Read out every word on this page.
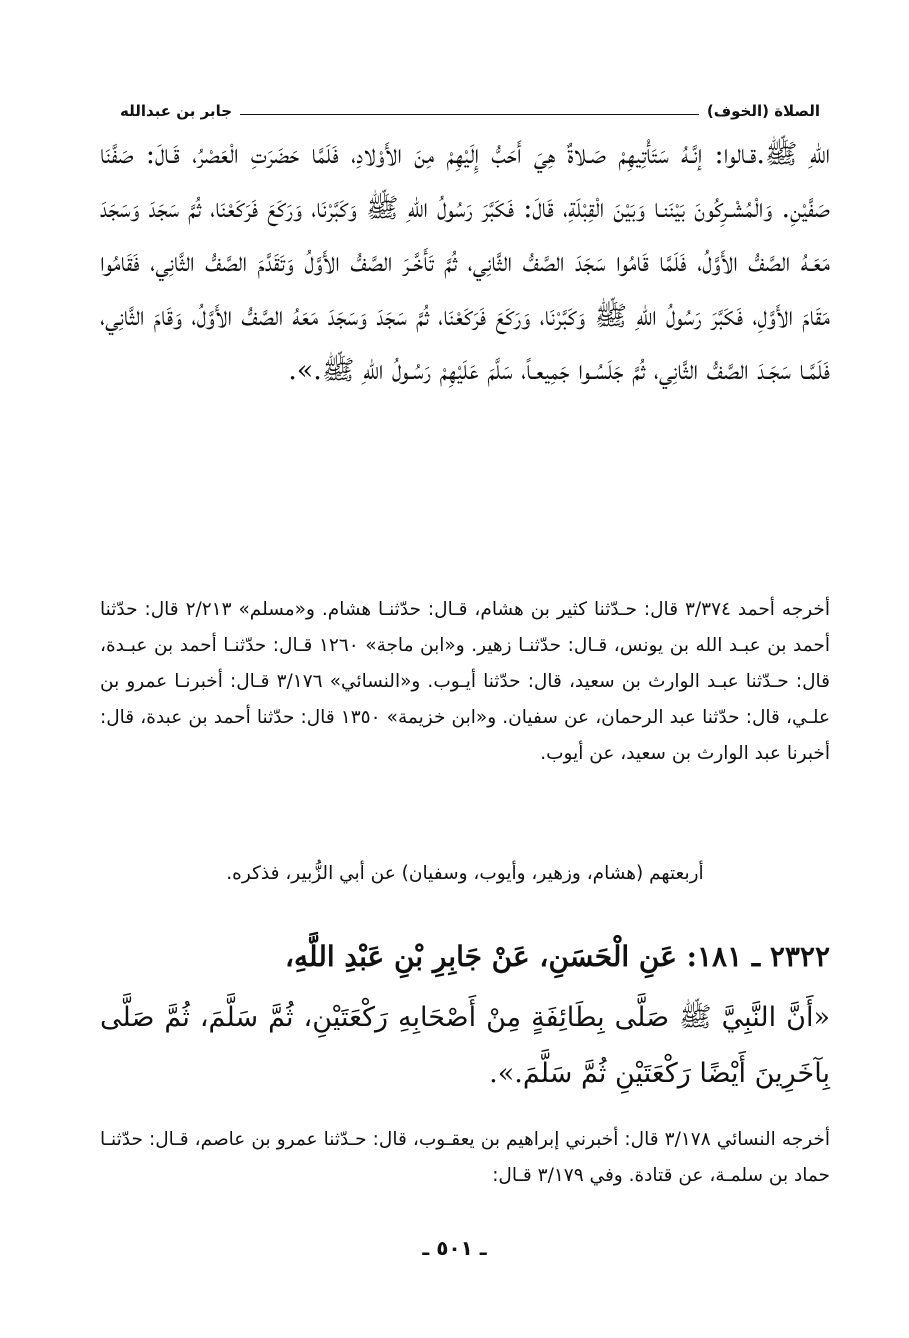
الصلاة (الخوف)
جابر بن عبدالله
اللهِ ﷺ.قـالوا: إنَّـهُ سَتَأْتِيهِمْ صَـلاةٌ هِيَ أَحَبُّ إِلَيْهِمْ مِنَ الأَوْلادِ، فَلَمَّا حَضَرَتِ الْعَصْرُ، قَـالَ: صَفَّنَا صَفَّيْنِ. وَالْمُشْـرِكُونَ بَيْنَنـا وَبَيْنَ الْقِبْلَةِ، قَالَ: فَكَبَّرَ رَسُولُ اللهِ ﷺ وَكَبَّرْنَا، وَرَكَعَ فَرَكَعْنَا، ثُمَّ سَجَدَ وَسَجَدَ مَعَـهُ الصَّفُّ الأَوَّلُ، فَلَمَّا قَامُوا سَجَدَ الصَّفُّ الثَّانِي، ثُمَّ تَأَخَّـرَ الصَّفُّ الأَوَّلُ وَتَقَدَّمَ الصَّفُّ الثَّانِي، فَقَامُوا مَقَامَ الأَوَّلِ، فَكَبَّرَ رَسُولُ اللهِ ﷺ وَكَبَّرْنَا، وَرَكَعَ فَرَكَعْنَا، ثُمَّ سَجَدَ وَسَجَدَ مَعَهُ الصَّفُّ الأَوَّلُ، وَقَامَ الثَّانِي، فَلَمَّـا سَجَـدَ الصَّفُّ الثَّانِي، ثُمَّ جَلَسُـوا جَمِيعـاً، سَلَّمَ عَلَيْهِمْ رَسُـولُ اللهِ ﷺ.».
أخرجه أحمد ٣/٣٧٤ قال: حـدّثنا كثير بن هشام، قـال: حدّثنـا هشام. و«مسلم» ٢/٢١٣ قال: حدّثنا أحمد بن عبـد الله بن يونس، قـال: حدّثنـا زهير. و«ابن ماجة» ١٢٦٠ قـال: حدّثنـا أحمد بن عبـدة، قال: حـدّثنا عبـد الوارث بن سعيد، قال: حدّثنا أيـوب. و«النسائي» ٣/١٧٦ قـال: أخبرنـا عمرو بن علـي، قال: حدّثنا عبد الرحمان، عن سفيان. و«ابن خزيمة» ١٣٥٠ قال: حدّثنا أحمد بن عبدة، قال: أخبرنا عبد الوارث بن سعيد، عن أيوب.
أربعتهم (هشام، وزهير، وأيوب، وسفيان) عن أبي الزُّبير، فذكره.
٢٣٢٢ ـ ١٨١: عَنِ الْحَسَنِ، عَنْ جَابِرِ بْنِ عَبْدِ اللَّهِ،
«أَنَّ النَّبِيَّ ﷺ صَلَّى بِطَائِفَةٍ مِنْ أَصْحَابِهِ رَكْعَتَيْنِ، ثُمَّ سَلَّمَ، ثُمَّ صَلَّى بِآخَرِينَ أَيْضًا رَكْعَتَيْنِ ثُمَّ سَلَّمَ.».
أخرجه النسائي ٣/١٧٨ قال: أخبرني إبراهيم بن يعقـوب، قال: حـدّثنا عمرو بن عاصم، قـال: حدّثنـا حماد بن سلمـة، عن قتادة. وفي ٣/١٧٩ قـال:
ـ ٥٠١ ـ
